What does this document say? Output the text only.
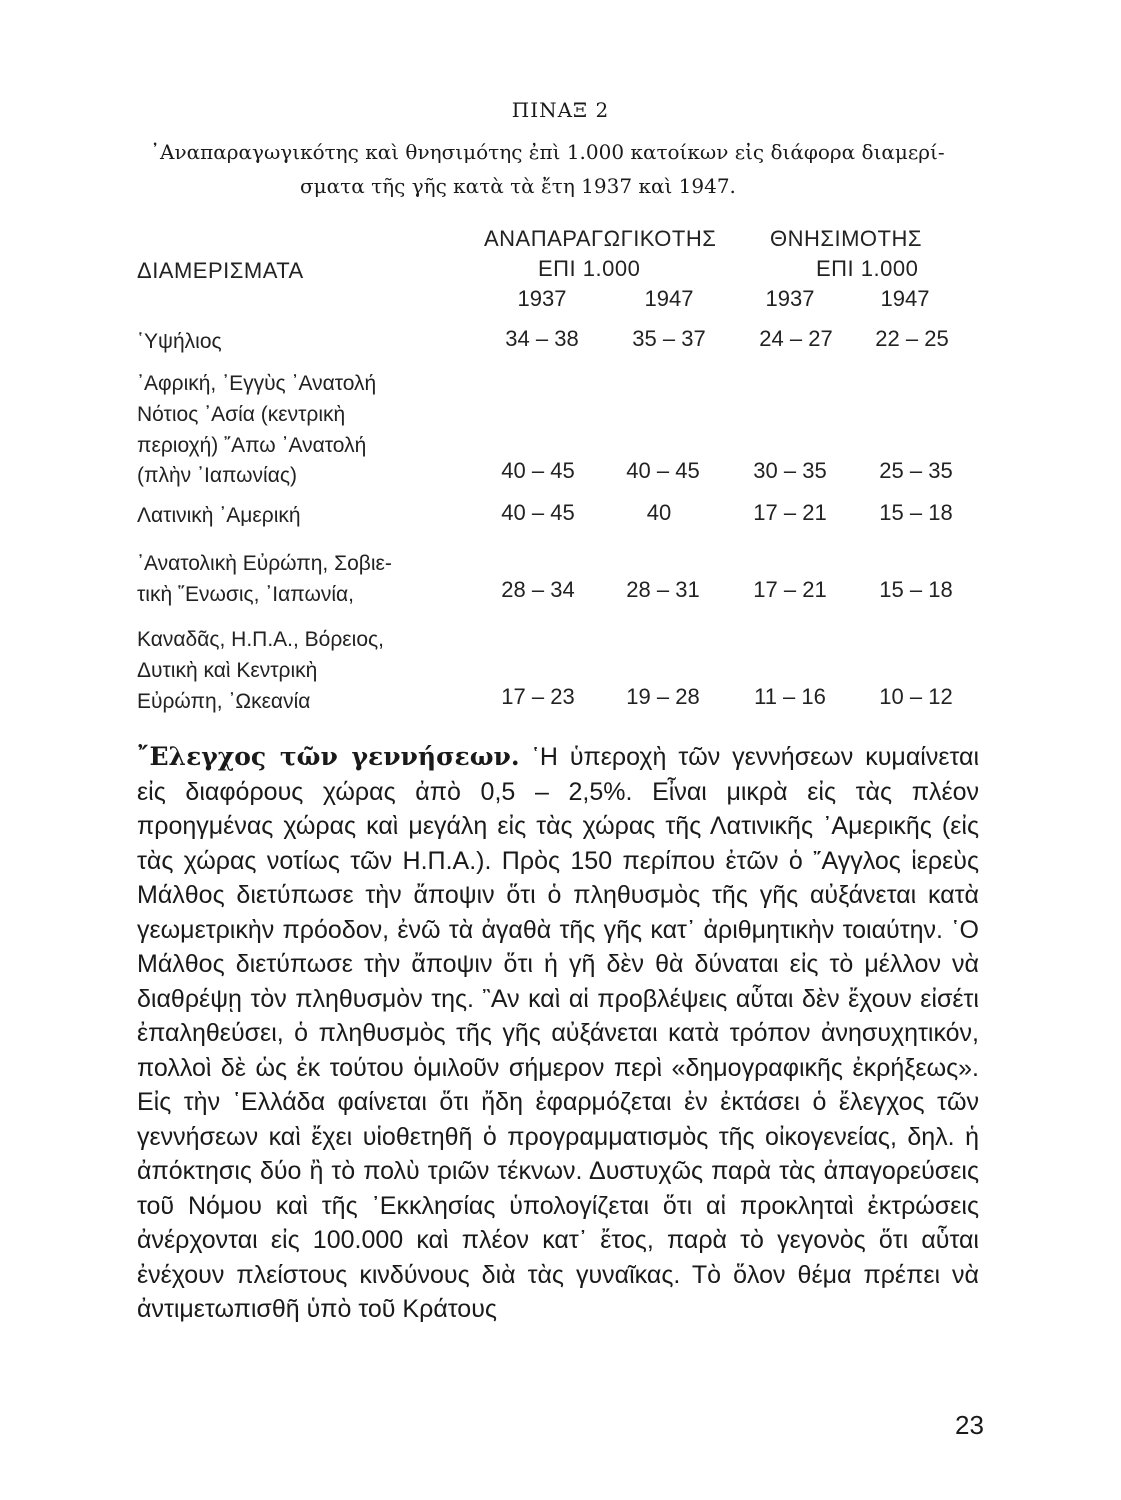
ΠΙΝΑΞ 2
᾿Αναπαραγωγικότης καὶ θνησιμότης ἐπὶ 1.000 κατοίκων εἰς διάφορα διαμερί-
σματα τῆς γῆς κατὰ τὰ ἔτη 1937 καὶ 1947.
ΔΙΑΜΕΡΙΣΜΑΤΑ
ΑΝΑΠΑΡΑΓΩΓΙΚΟΤΗΣ
ΕΠΙ 1.000
ΘΝΗΣΙΜΟΤΗΣ
ΕΠΙ 1.000
1937	1947	1937	1947
῾Υψήλιος	34 – 38 35 – 37 24 – 27 22 – 25
᾿Αφρική, ᾿Εγγὺς ᾿Ανατολή
Νότιος ᾿Ασία (κεντρικὴ
περιοχή) ῎Απω ᾿Ανατολή
(πλὴν ᾿Ιαπωνίας)	40 – 45 40 – 45 30 – 35 25 – 35
Λατινικὴ ᾿Αμερική	40 – 45	40	17 – 21 15 – 18
᾿Ανατολικὴ Εὐρώπη, Σοβιε-
τικὴ ῞Ενωσις, ᾿Ιαπωνία,	28 – 34 28 – 31 17 – 21 15 – 18
Καναδᾶς, Η.Π.Α., Βόρειος,
Δυτικὴ καὶ Κεντρικὴ
Εὐρώπη, ᾿Ωκεανία	17 – 23 19 – 28 11 – 16 10 – 12

῎Ελεγχος τῶν γεννήσεων. ῾Η ὑπεροχὴ τῶν γεννήσεων κυμαίνεται εἰς διαφόρους χώρας ἀπὸ 0,5 – 2,5%. Εἶναι μικρὰ εἰς τὰς πλέον προηγμένας χώρας καὶ μεγάλη εἰς τὰς χώρας τῆς Λατινικῆς ᾿Αμερικῆς (εἰς τὰς χώρας νοτίως τῶν Η.Π.Α.). Πρὸς 150 περίπου ἐτῶν ὁ ῎Αγγλος ἱερεὺς Μάλθος διετύπωσε τὴν ἄποψιν ὅτι ὁ πληθυσμὸς τῆς γῆς αὐξάνεται κατὰ γεωμετρικὴν πρόοδον, ἐνῶ τὰ ἀγαθὰ τῆς γῆς κατ᾿ ἀριθμητικὴν τοιαύτην. ῾Ο Μάλθος διετύπωσε τὴν ἄποψιν ὅτι ἡ γῆ δὲν θὰ δύναται εἰς τὸ μέλλον νὰ διαθρέψῃ τὸν πληθυσμὸν της. ῍Αν καὶ αἱ προβλέψεις αὗται δὲν ἔχουν εἰσέτι ἐπαληθεύσει, ὁ πληθυσμὸς τῆς γῆς αὐξάνεται κατὰ τρόπον ἀνησυχητικόν, πολλοὶ δὲ ὡς ἐκ τούτου ὁμιλοῦν σήμερον περὶ «δημογραφικῆς ἐκρήξεως». Εἰς τὴν ῾Ελλάδα φαίνεται ὅτι ἤδη ἐφαρμόζεται ἐν ἐκτάσει ὁ ἔλεγχος τῶν γεννήσεων καὶ ἔχει υἱοθετηθῆ ὁ προγραμματισμὸς τῆς οἰκογενείας, δηλ. ἡ ἀπόκτησις δύο ἢ τὸ πολὺ τριῶν τέκνων. Δυστυχῶς παρὰ τὰς ἀπαγορεύσεις τοῦ Νόμου καὶ τῆς ᾿Εκκλησίας ὑπολογίζεται ὅτι αἱ προκληταὶ ἐκτρώσεις ἀνέρχονται εἰς 100.000 καὶ πλέον κατ᾿ ἔτος, παρὰ τὸ γεγονὸς ὅτι αὗται ἐνέχουν πλείστους κινδύνους διὰ τὰς γυναῖκας. Τὸ ὅλον θέμα πρέπει νὰ ἀντιμετωπισθῆ ὑπὸ τοῦ Κράτους

23
